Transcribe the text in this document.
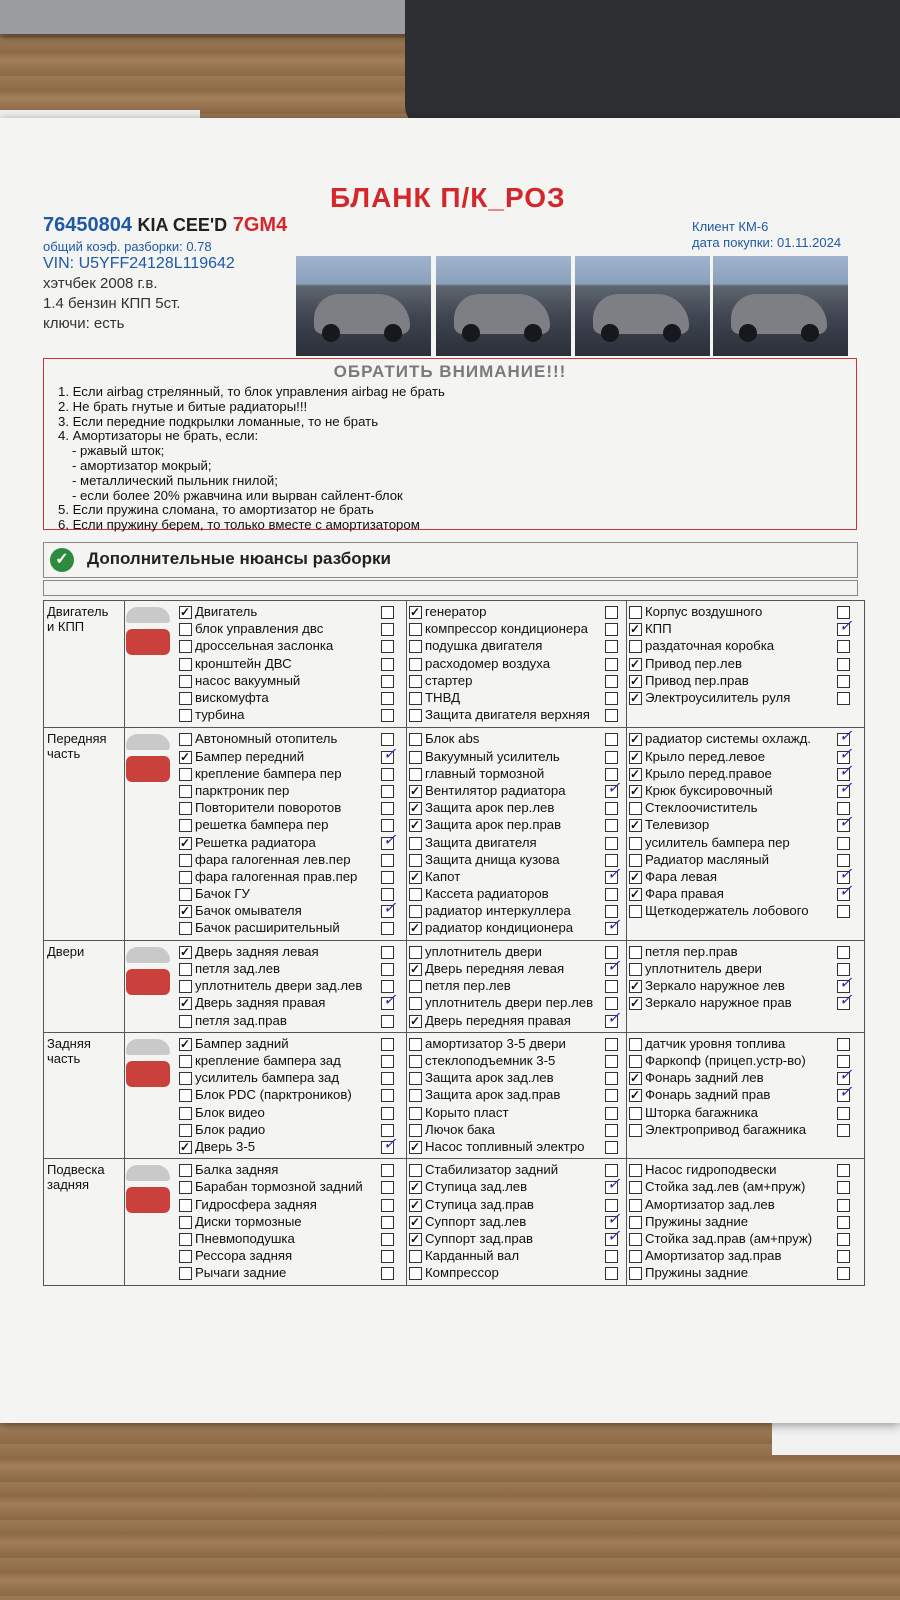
БЛАНК П/К_РОЗ
76450804 KIA CEE'D 7GM4
общий коэф. разборки: 0.78
VIN: U5YFF24128L119642
хэтчбек 2008 г.в.
1.4 бензин КПП 5ст.
ключи: есть
Клиент КМ-6
дата покупки: 01.11.2024
ОБРАТИТЬ ВНИМАНИЕ!!!
1. Если airbag стрелянный, то блок управления airbag не брать
2. Не брать гнутые и битые радиаторы!!!
3. Если передние подкрылки ломанные, то не брать
4. Амортизаторы не брать, если:
- ржавый шток;
- амортизатор мокрый;
- металлический пыльник гнилой;
- если более 20% ржавчина или вырван сайлент-блок
5. Если пружина сломана, то амортизатор не брать
6. Если пружину берем, то только вместе с амортизатором
✓	Дополнительные нюансы разборки
Двигатель и КПП
✓
Двигатель
блок управления двс
дроссельная заслонка
кронштейн ДВС
насос вакуумный
вискомуфта
турбина
✓
генератор
компрессор кондиционера
подушка двигателя
расходомер воздуха
стартер
ТНВД
Защита двигателя верхняя
Корпус воздушного
✓
КПП
✓
раздаточная коробка
✓
Привод пер.лев
✓
Привод пер.прав
✓
Электроусилитель руля
Передняя часть
Автономный отопитель
✓
Бампер передний
✓
крепление бампера пер
парктроник пер
Повторители поворотов
решетка бампера пер
✓
Решетка радиатора
✓
фара галогенная лев.пер
фара галогенная прав.пер
Бачок ГУ
✓
Бачок омывателя
✓
Бачок расширительный
Блок abs
Вакуумный усилитель
главный тормозной
✓
Вентилятор радиатора
✓
✓
Защита арок пер.лев
✓
Защита арок пер.прав
Защита двигателя
Защита днища кузова
✓
Капот
✓
Кассета радиаторов
радиатор интеркуллера
✓
радиатор кондиционера
✓
✓
радиатор системы охлажд.
✓
✓
Крыло перед.левое
✓
✓
Крыло перед.правое
✓
✓
Крюк буксировочный
✓
Стеклоочиститель
✓
Телевизор
✓
усилитель бампера пер
Радиатор масляный
✓
Фара левая
✓
✓
Фара правая
✓
Щеткодержатель лобового
Двери
✓	Дверь задняя левая
петля зад.лев
уплотнитель двери зад.лев
✓
Дверь задняя правая
✓
петля зад.прав
уплотнитель двери
✓
Дверь передняя левая
✓
петля пер.лев
уплотнитель двери пер.лев
✓
Дверь передняя правая
✓
петля пер.прав
уплотнитель двери
✓
Зеркало наружное лев
✓
✓
Зеркало наружное прав
✓
Задняя часть
✓
Бампер задний
крепление бампера зад
усилитель бампера зад
Блок PDC (парктроников)
Блок видео
Блок радио
✓
Дверь 3-5
✓
амортизатор 3-5 двери
стеклоподъемник 3-5
Защита арок зад.лев
Защита арок зад.прав
Корыто пласт
Лючок бака
✓
Насос топливный электро
датчик уровня топлива
Фаркопф (прицеп.устр-во)
✓
Фонарь задний лев
✓
✓
Фонарь задний прав
✓
Шторка багажника
Электропривод багажника
Подвеска задняя
Балка задняя
Барабан тормозной задний
Гидросфера задняя
Диски тормозные
Пневмоподушка
Рессора задняя
Рычаги задние
Стабилизатор задний
✓
Ступица зад.лев
✓
✓
Ступица зад.прав
✓
Суппорт зад.лев
✓
✓
Суппорт зад.прав
✓
Карданный вал
Компрессор
Насос гидроподвески
Стойка зад.лев (ам+пруж)
Амортизатор зад.лев
Пружины задние
Стойка зад.прав (ам+пруж)
Амортизатор зад.прав
Пружины задние
